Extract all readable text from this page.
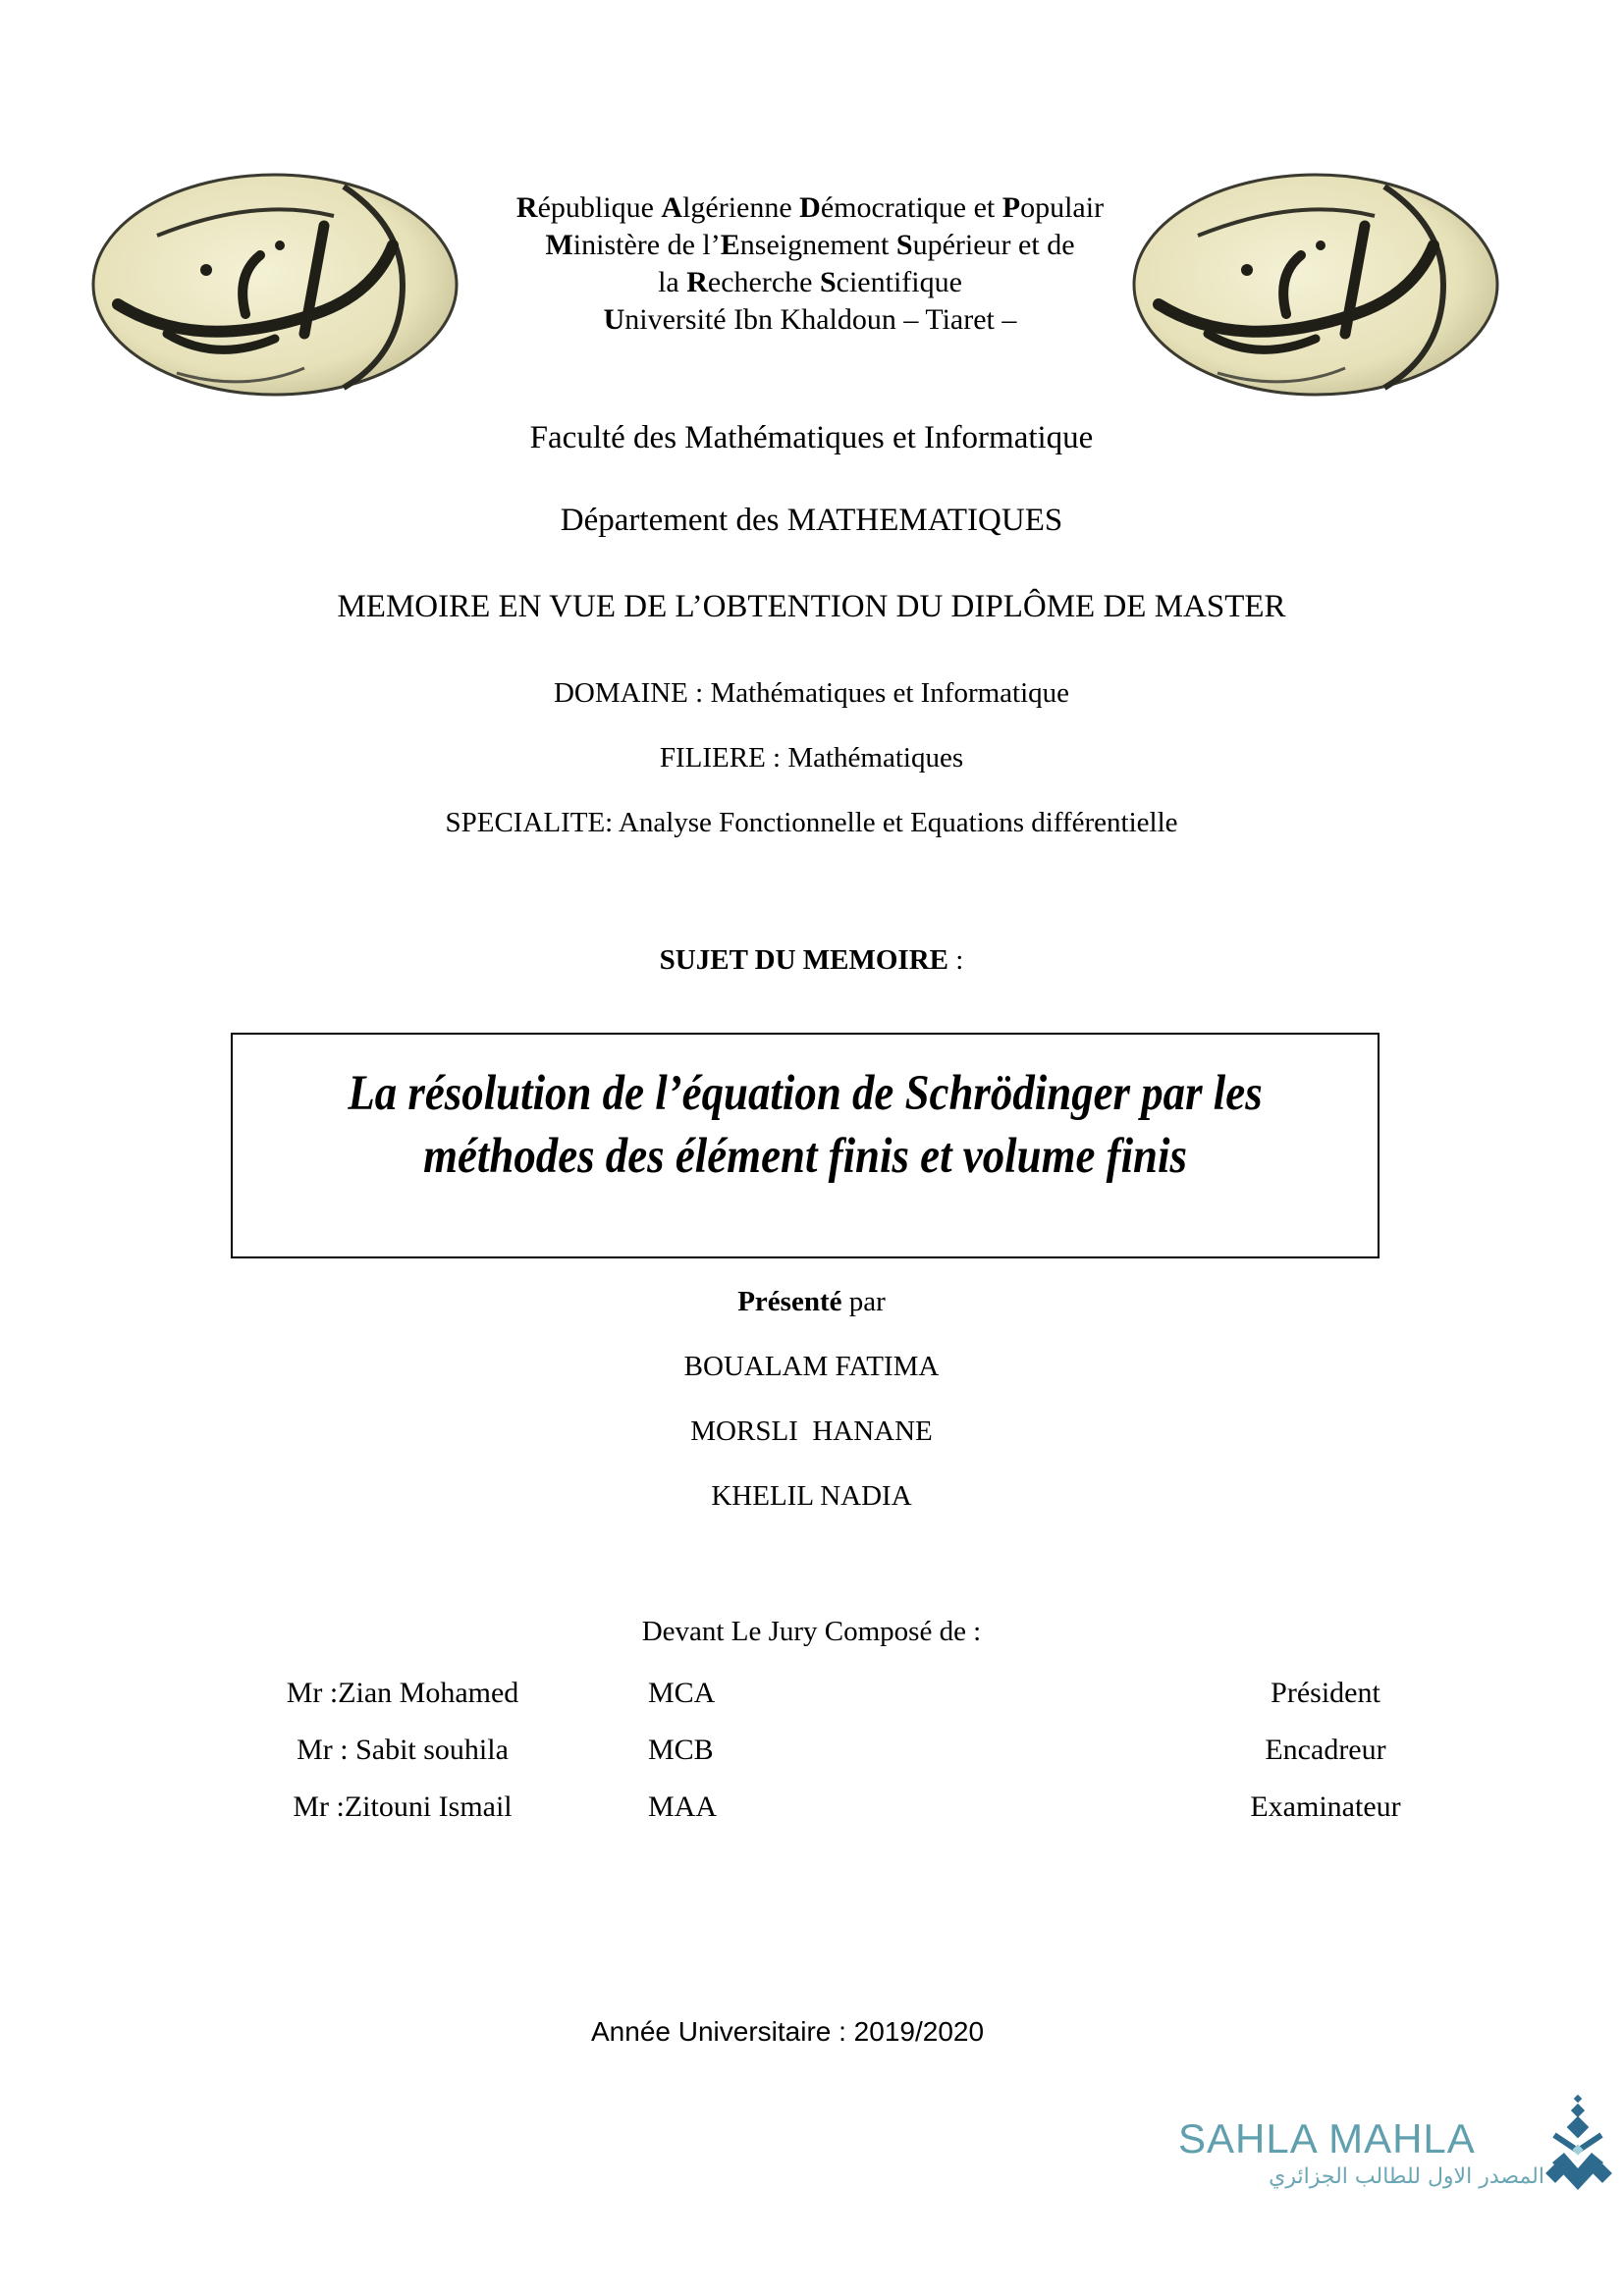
République Algérienne Démocratique et Populair
Ministère de l’Enseignement Supérieur et de
la Recherche Scientifique
Université Ibn Khaldoun – Tiaret –
Faculté des Mathématiques et Informatique
Département des MATHEMATIQUES
MEMOIRE EN VUE DE L’OBTENTION DU DIPLÔME DE MASTER
DOMAINE : Mathématiques et Informatique
FILIERE : Mathématiques
SPECIALITE: Analyse Fonctionnelle et Equations différentielle
SUJET DU MEMOIRE :
La résolution de l’équation de Schrödinger par les
méthodes des élément finis et volume finis
Présenté par
BOUALAM FATIMA
MORSLI  HANANE
KHELIL NADIA
Devant Le Jury Composé de :
Mr :Zian Mohamed	MCA	Président
Mr : Sabit souhila	MCB	Encadreur
Mr :Zitouni Ismail	MAA	Examinateur
Année Universitaire : 2019/2020
SAHLA MAHLA
المصدر الاول للطالب الجزائري
